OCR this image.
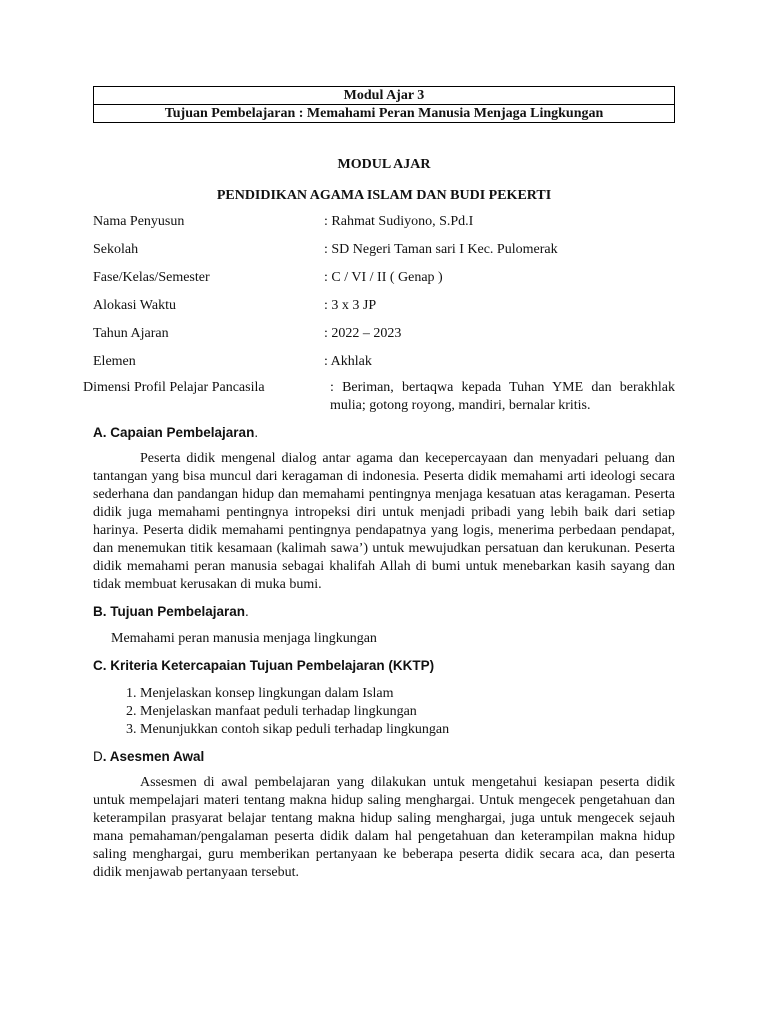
Modul Ajar 3
Tujuan Pembelajaran : Memahami Peran Manusia Menjaga Lingkungan
MODUL AJAR
PENDIDIKAN AGAMA ISLAM DAN BUDI PEKERTI
Nama Penyusun	: Rahmat Sudiyono, S.Pd.I
Sekolah	: SD Negeri Taman sari I Kec. Pulomerak
Fase/Kelas/Semester	: C / VI / II ( Genap )
Alokasi Waktu	: 3 x 3 JP
Tahun Ajaran	: 2022 – 2023
Elemen	: Akhlak
Dimensi Profil Pelajar Pancasila	: Beriman, bertaqwa kepada Tuhan YME dan berakhlak mulia; gotong royong, mandiri, bernalar kritis.
A. Capaian Pembelajaran.
Peserta didik mengenal dialog antar agama dan kecepercayaan dan menyadari peluang dan tantangan yang bisa muncul dari keragaman di indonesia. Peserta didik memahami arti ideologi secara sederhana dan pandangan hidup dan memahami pentingnya menjaga kesatuan atas keragaman. Peserta didik juga memahami pentingnya intropeksi diri untuk menjadi pribadi yang lebih baik dari setiap harinya. Peserta didik memahami pentingnya pendapatnya yang logis, menerima perbedaan pendapat, dan menemukan titik kesamaan (kalimah sawa’) untuk mewujudkan persatuan dan kerukunan. Peserta didik memahami peran manusia sebagai khalifah Allah di bumi untuk menebarkan kasih sayang dan tidak membuat kerusakan di muka bumi.
B. Tujuan Pembelajaran.
Memahami peran manusia menjaga lingkungan
C. Kriteria Ketercapaian Tujuan Pembelajaran (KKTP)
1. Menjelaskan konsep lingkungan dalam Islam
2. Menjelaskan manfaat peduli terhadap lingkungan
3. Menunjukkan contoh sikap peduli terhadap lingkungan
D. Asesmen Awal
Assesmen di awal pembelajaran yang dilakukan untuk mengetahui kesiapan peserta didik untuk mempelajari materi tentang makna hidup saling menghargai. Untuk mengecek pengetahuan dan keterampilan prasyarat belajar tentang makna hidup saling menghargai, juga untuk mengecek sejauh mana pemahaman/pengalaman peserta didik dalam hal pengetahuan dan keterampilan makna hidup saling menghargai, guru memberikan pertanyaan ke beberapa peserta didik secara aca, dan peserta didik menjawab pertanyaan tersebut.
